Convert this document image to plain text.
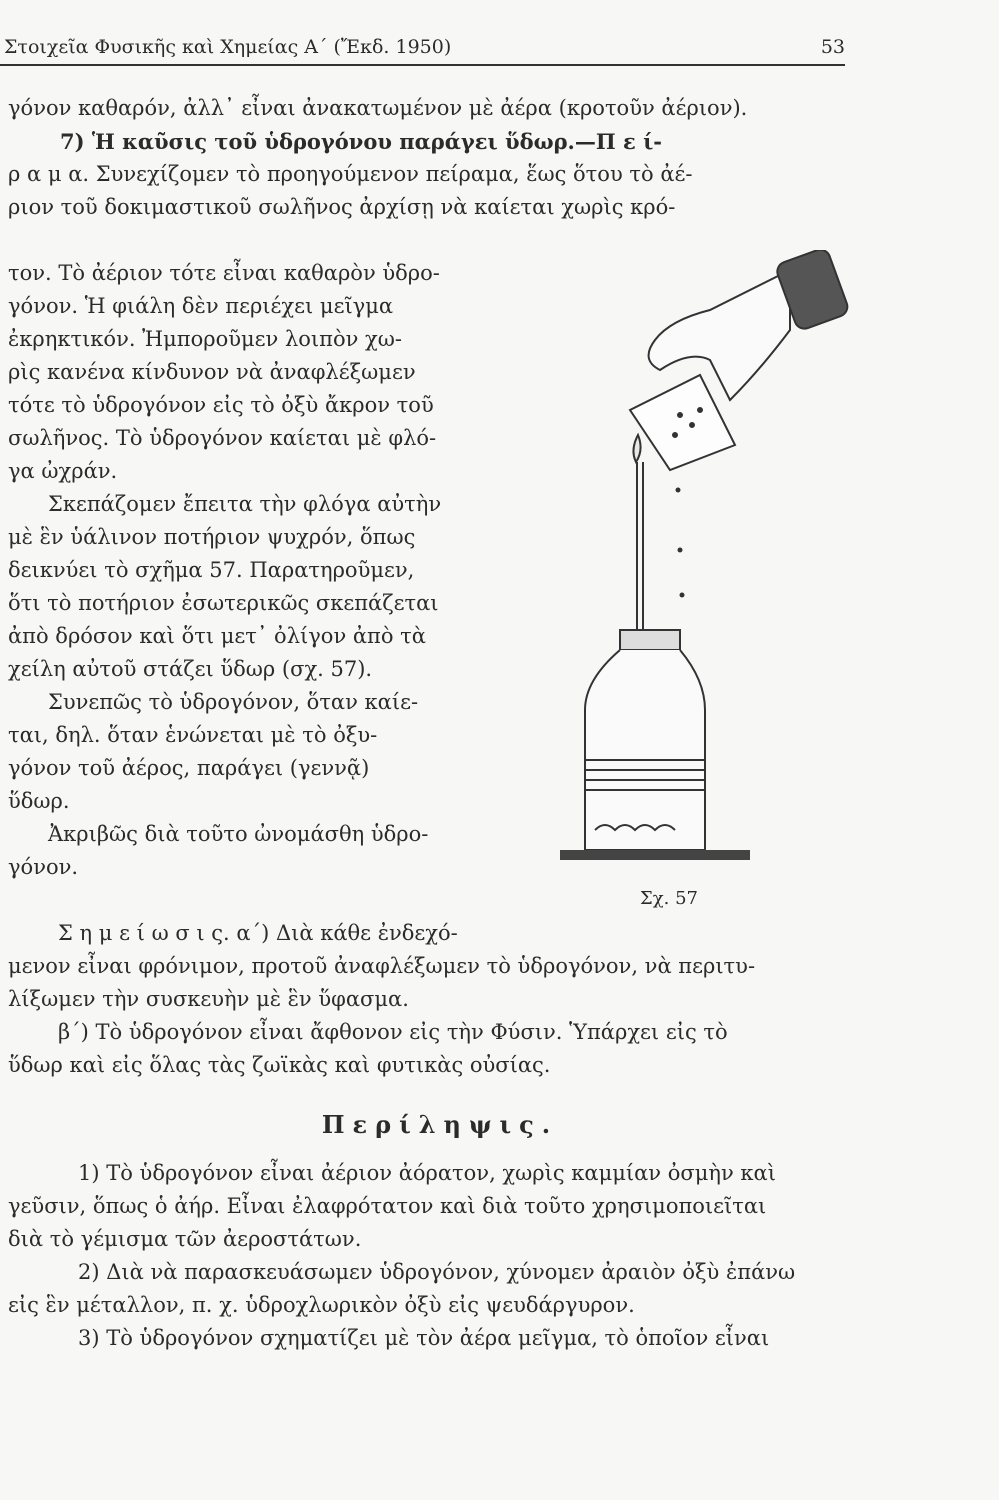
Στοιχεῖα Φυσικῆς καὶ Χημείας Α΄ (Ἔκδ. 1950)	53
γόνον καθαρόν, ἀλλ᾽ εἶναι ἀνακατωμένον μὲ ἀέρα (κροτοῦν ἀέριον).
7) Ἡ καῦσις τοῦ ὑδρογόνου παράγει ὕδωρ.—Π ε ί-
ρ α μ α. Συνεχίζομεν τὸ προηγούμενον πείραμα, ἕως ὅτου τὸ ἀέ-
ριον τοῦ δοκιμαστικοῦ σωλῆνος ἀρχίσῃ νὰ καίεται χωρὶς κρό-
τον. Τὸ ἀέριον τότε εἶναι καθαρὸν ὑδρο-
γόνον. Ἡ φιάλη δὲν περιέχει μεῖγμα
ἐκρηκτικόν. Ἠμποροῦμεν λοιπὸν χω-
ρὶς κανένα κίνδυνον νὰ ἀναφλέξωμεν
τότε τὸ ὑδρογόνον εἰς τὸ ὀξὺ ἄκρον τοῦ
σωλῆνος. Τὸ ὑδρογόνον καίεται μὲ φλό-
γα ὠχράν.
Σκεπάζομεν ἔπειτα τὴν φλόγα αὐτὴν
μὲ ἓν ὑάλινον ποτήριον ψυχρόν, ὅπως
δεικνύει τὸ σχῆμα 57. Παρατηροῦμεν,
ὅτι τὸ ποτήριον ἐσωτερικῶς σκεπάζεται
ἀπὸ δρόσον καὶ ὅτι μετ᾽ ὀλίγον ἀπὸ τὰ
χείλη αὐτοῦ στάζει ὕδωρ (σχ. 57).
Συνεπῶς τὸ ὑδρογόνον, ὅταν καίε-
ται, δηλ. ὅταν ἑνώνεται μὲ τὸ ὀξυ-
γόνον τοῦ ἀέρος, παράγει (γεννᾷ)
ὕδωρ.
Ἀκριβῶς διὰ τοῦτο ὠνομάσθη ὑδρο-
γόνον.
Σχ. 57
Σ η μ ε ί ω σ ι ς. α΄) Διὰ κάθε ἐνδεχό-
μενον εἶναι φρόνιμον, προτοῦ ἀναφλέξωμεν τὸ ὑδρογόνον, νὰ περιτυ-
λίξωμεν τὴν συσκευὴν μὲ ἓν ὕφασμα.
β΄) Τὸ ὑδρογόνον εἶναι ἄφθονον εἰς τὴν Φύσιν. Ὑπάρχει εἰς τὸ
ὕδωρ καὶ εἰς ὅλας τὰς ζωϊκὰς καὶ φυτικὰς οὐσίας.
Περίληψις.
1) Τὸ ὑδρογόνον εἶναι ἀέριον ἀόρατον, χωρὶς καμμίαν ὀσμὴν καὶ
γεῦσιν, ὅπως ὁ ἀήρ. Εἶναι ἐλαφρότατον καὶ διὰ τοῦτο χρησιμοποιεῖται
διὰ τὸ γέμισμα τῶν ἀεροστάτων.
2) Διὰ νὰ παρασκευάσωμεν ὑδρογόνον, χύνομεν ἀραιὸν ὀξὺ ἐπάνω
εἰς ἓν μέταλλον, π. χ. ὑδροχλωρικὸν ὀξὺ εἰς ψευδάργυρον.
3) Τὸ ὑδρογόνον σχηματίζει μὲ τὸν ἀέρα μεῖγμα, τὸ ὁποῖον εἶναι
